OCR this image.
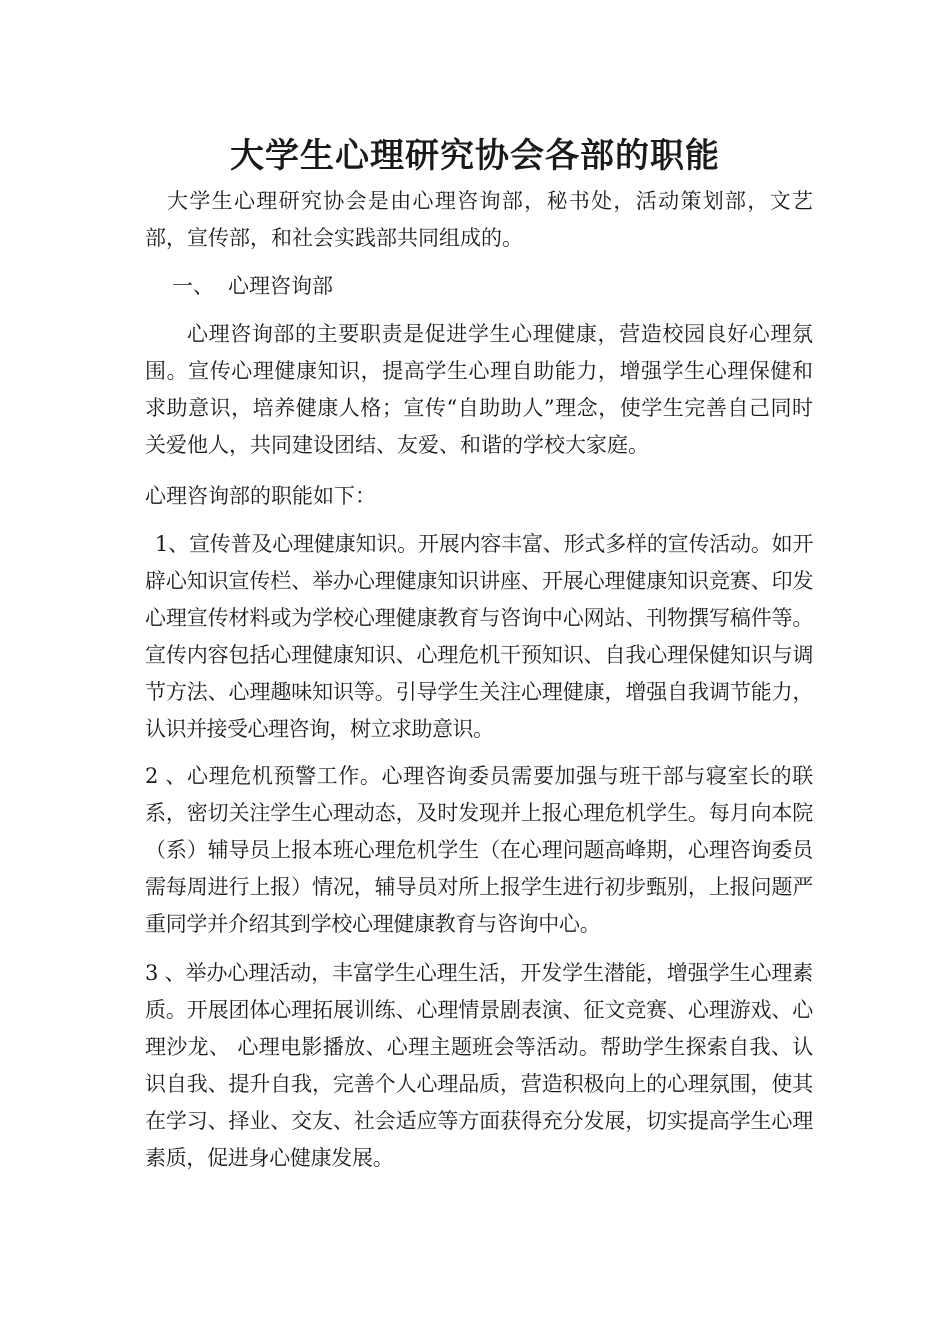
大学生心理研究协会各部的职能

大学生心理研究协会是由心理咨询部，秘书处，活动策划部，文艺部，宣传部，和社会实践部共同组成的。

一、 心理咨询部

心理咨询部的主要职责是促进学生心理健康，营造校园良好心理氛围。宣传心理健康知识，提高学生心理自助能力，增强学生心理保健和求助意识，培养健康人格；宣传“自助助人”理念，使学生完善自己同时关爱他人，共同建设团结、友爱、和谐的学校大家庭。

心理咨询部的职能如下：

1、宣传普及心理健康知识。开展内容丰富、形式多样的宣传活动。如开辟心知识宣传栏、举办心理健康知识讲座、开展心理健康知识竞赛、印发心理宣传材料或为学校心理健康教育与咨询中心网站、刊物撰写稿件等。宣传内容包括心理健康知识、心理危机干预知识、自我心理保健知识与调节方法、心理趣味知识等。引导学生关注心理健康，增强自我调节能力，认识并接受心理咨询，树立求助意识。

2 、心理危机预警工作。心理咨询委员需要加强与班干部与寝室长的联系，密切关注学生心理动态，及时发现并上报心理危机学生。每月向本院（系）辅导员上报本班心理危机学生（在心理问题高峰期，心理咨询委员需每周进行上报）情况，辅导员对所上报学生进行初步甄别，上报问题严重同学并介绍其到学校心理健康教育与咨询中心。

3 、举办心理活动，丰富学生心理生活，开发学生潜能，增强学生心理素质。开展团体心理拓展训练、心理情景剧表演、征文竞赛、心理游戏、心理沙龙、 心理电影播放、心理主题班会等活动。帮助学生探索自我、认识自我、提升自我，完善个人心理品质，营造积极向上的心理氛围，使其在学习、择业、交友、社会适应等方面获得充分发展，切实提高学生心理素质，促进身心健康发展。
